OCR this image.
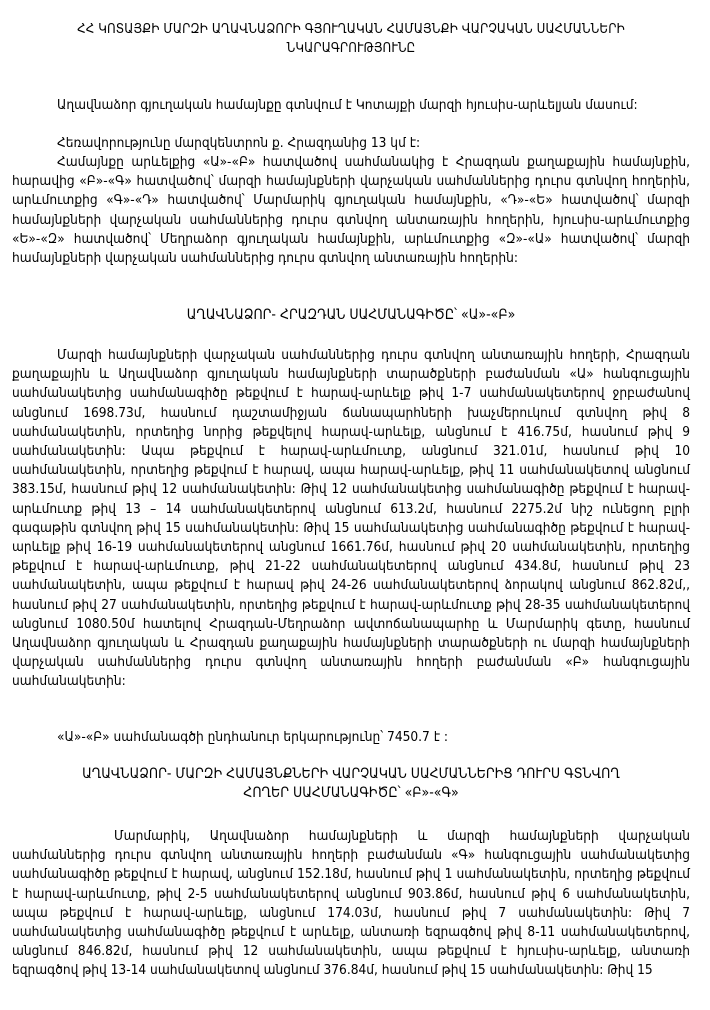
ՀՀ ԿՈՏԱՅՔԻ ՄԱՐԶԻ ԱՂԱՎՆԱՁՈՐԻ ԳՅՈՒՂԱԿԱՆ ՀԱՄԱՅՆՔԻ ՎԱՐՉԱԿԱՆ ՍԱՀՄԱՆՆԵՐԻ ՆԿԱՐԱԳՐՈՒԹՅՈՒՆԸ
Աղավնաձոր գյուղական համայնքը գտնվում է Կոտայքի մարզի հյուսիս-արևելյան մասում:
Հեռավորությունը մարզկենտրոն ք. Հրազդանից 13 կմ է:
Համայնքը արևելքից «Ա»-«Բ» հատվածով սահմանակից է Հրազդան քաղաքային համայնքին, հարավից «Բ»-«Գ» հատվածով՝ մարզի համայնքների վարչական սահմաններից դուրս գտնվող հողերին, արևմուտքից «Գ»-«Դ» հատվածով՝ Մարմարիկ գյուղական համայնքին, «Դ»-«Ե» հատվածով՝ մարզի համայնքների վարչական սահմաններից դուրս գտնվող անտառային հողերին, հյուսիս-արևմուտքից «Ե»-«Զ» հատվածով՝ Մեղրաձոր գյուղական համայնքին, արևմուտքից «Զ»-«Ա» հատվածով՝ մարզի համայնքների վարչական սահմաններից դուրս գտնվող անտառային հողերին:
ԱՂԱՎՆԱՁՈՐ- ՀՐԱԶԴԱՆ ՍԱՀՄԱՆԱԳԻԾԸ՝ «Ա»-«Բ»
Մարզի համայնքների վարչական սահմաններից դուրս գտնվող անտառային հողերի, Հրազդան քաղաքային և Աղավնաձոր գյուղական համայնքների տարածքների բաժանման «Ա» հանգուցային սահմանակետից սահմանագիծը թեքվում է հարավ-արևելք թիվ 1-7 սահմանակետերով ջրբաժանով անցնում 1698.73մ, հասնում դաշտամիջյան ճանապարհների խաչմերուկում գտնվող թիվ 8 սահմանակետին, որտեղից նորից թեքվելով հարավ-արևելք, անցնում է 416.75մ, հասնում թիվ 9 սահմանակետին: Ապա թեքվում է հարավ-արևմուտք, անցնում 321.01մ, հասնում թիվ 10 սահմանակետին, որտեղից թեքվում է հարավ, ապա հարավ-արևելք, թիվ 11 սահմանակետով անցնում 383.15մ, հասնում թիվ 12 սահմանակետին: Թիվ 12 սահմանակետից սահմանագիծը թեքվում է հարավ-արևմուտք թիվ 13 – 14 սահմանակետերով անցնում 613.2մ, հասնում 2275.2մ նիշ ունեցող բլրի գագաթին գտնվող թիվ 15 սահմանակետին: Թիվ 15 սահմանակետից սահմանագիծը թեքվում է հարավ-արևելք թիվ 16-19 սահմանակետերով անցնում 1661.76մ, հասնում թիվ 20 սահմանակետին, որտեղից թեքվում է հարավ-արևմուտք, թիվ 21-22 սահմանակետերով անցնում 434.8մ, հասնում թիվ 23 սահմանակետին, ապա թեքվում է հարավ թիվ 24-26 սահմանակետերով ձորակով անցնում 862.82մ,, հասնում թիվ 27 սահմանակետին, որտեղից թեքվում է հարավ-արևմուտք թիվ 28-35 սահմանակետերով անցնում 1080.50մ հատելով Հրազդան-Մեղրաձոր ավտոճանապարհը և Մարմարիկ գետը, հասնում Աղավնաձոր գյուղական և Հրազդան քաղաքային համայնքների տարածքների ու մարզի համայնքների վարչական սահմաններից դուրս գտնվող անտառային հողերի բաժանման «Բ» հանգուցային սահմանակետին:
«Ա»-«Բ» սահմանագծի ընդհանուր երկարությունը՝ 7450.7 է :
ԱՂԱՎՆԱՁՈՐ- ՄԱՐԶԻ ՀԱՄԱՅՆՔՆԵՐԻ ՎԱՐՉԱԿԱՆ ՍԱՀՄԱՆՆԵՐԻՑ ԴՈՒՐՍ ԳՏՆՎՈՂ
ՀՈՂԵՐ ՍԱՀՄԱՆԱԳԻԾԸ՝ «Բ»-«Գ»
Մարմարիկ, Աղավնաձոր համայնքների և մարզի համայնքների վարչական սահմաններից դուրս գտնվող անտառային հողերի բաժանման «Գ» հանգուցային սահմանակետից սահմանագիծը թեքվում է հարավ, անցնում 152.18մ, հասնում թիվ 1 սահմանակետին, որտեղից թեքվում է հարավ-արևմուտք, թիվ 2-5 սահմանակետերով անցնում 903.86մ, հասնում թիվ 6 սահմանակետին, ապա թեքվում է հարավ-արևելք, անցնում 174.03մ, հասնում թիվ 7 սահմանակետին: Թիվ 7 սահմանակետից սահմանագիծը թեքվում է արևելք, անտառի եզրագծով թիվ 8-11 սահմանակետերով, անցնում 846.82մ, հասնում թիվ 12 սահմանակետին, ապա թեքվում է հյուսիս-արևելք, անտառի եզրագծով թիվ 13-14 սահմանակետով անցնում 376.84մ, հասնում թիվ 15 սահմանակետին: Թիվ 15
